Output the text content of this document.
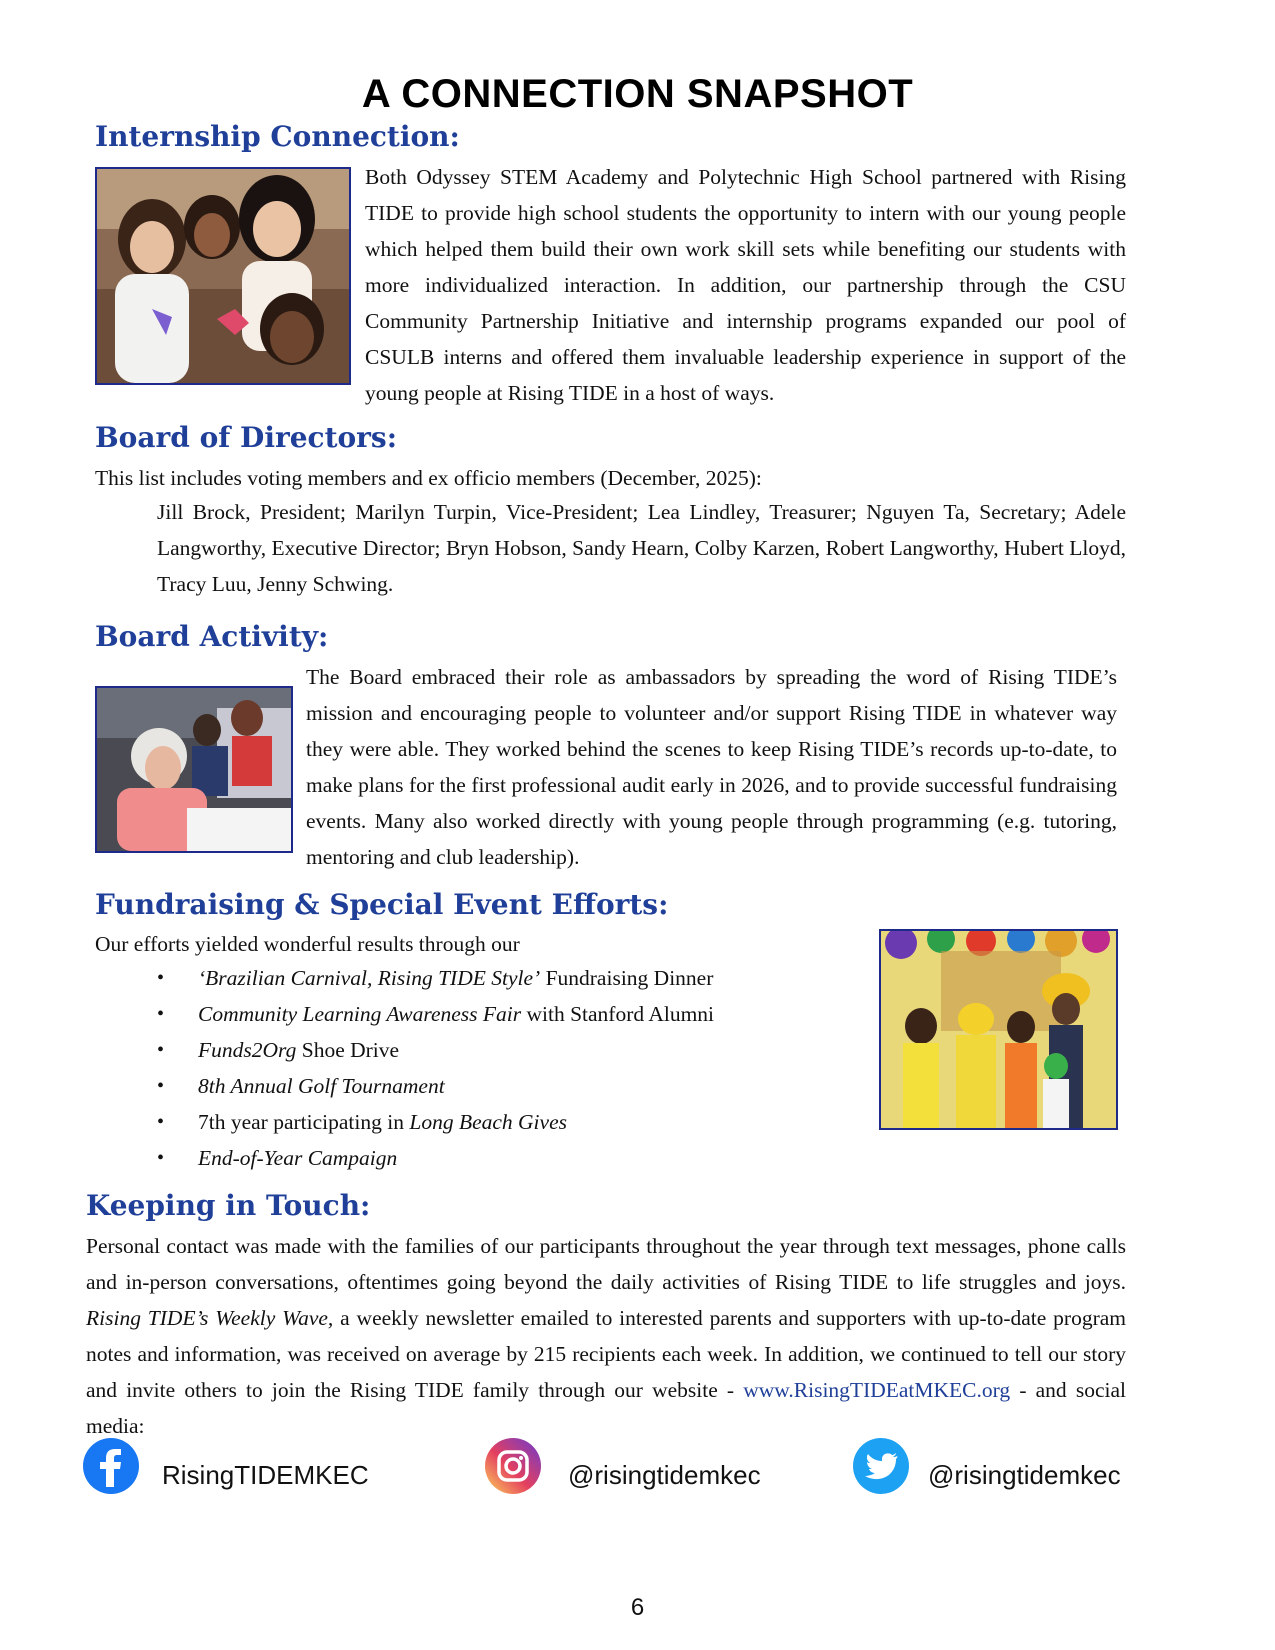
A CONNECTION SNAPSHOT
Internship Connection:
Both Odyssey STEM Academy and Polytechnic High School partnered with Rising TIDE to provide high school students the opportunity to intern with our young people which helped them build their own work skill sets while benefiting our students with more individualized interaction. In addition, our partnership through the CSU Community Partnership Initiative and internship programs expanded our pool of CSULB interns and offered them invaluable leadership experience in support of the young people at Rising TIDE in a host of ways.
Board of Directors:
This list includes voting members and ex officio members (December, 2025):
Jill Brock, President; Marilyn Turpin, Vice-President; Lea Lindley, Treasurer; Nguyen Ta, Secretary; Adele Langworthy, Executive Director; Bryn Hobson, Sandy Hearn, Colby Karzen, Robert Langworthy, Hubert Lloyd, Tracy Luu, Jenny Schwing.
Board Activity:
The Board embraced their role as ambassadors by spreading the word of Rising TIDE’s mission and encouraging people to volunteer and/or support Rising TIDE in whatever way they were able. They worked behind the scenes to keep Rising TIDE’s records up-to-date, to make plans for the first professional audit early in 2026, and to provide successful fundraising events. Many also worked directly with young people through programming (e.g. tutoring, mentoring and club leadership).
Fundraising & Special Event Efforts:
Our efforts yielded wonderful results through our
• ‘Brazilian Carnival, Rising TIDE Style’ Fundraising Dinner
• Community Learning Awareness Fair with Stanford Alumni
• Funds2Org Shoe Drive
• 8th Annual Golf Tournament
• 7th year participating in Long Beach Gives
• End-of-Year Campaign
Keeping in Touch:
Personal contact was made with the families of our participants throughout the year through text messages, phone calls and in-person conversations, oftentimes going beyond the daily activities of Rising TIDE to life struggles and joys. Rising TIDE’s Weekly Wave, a weekly newsletter emailed to interested parents and supporters with up-to-date program notes and information, was received on average by 215 recipients each week. In addition, we continued to tell our story and invite others to join the Rising TIDE family through our website - www.RisingTIDEatMKEC.org - and social media:
RisingTIDEMKEC	@risingtidemkec	@risingtidemkec
6
